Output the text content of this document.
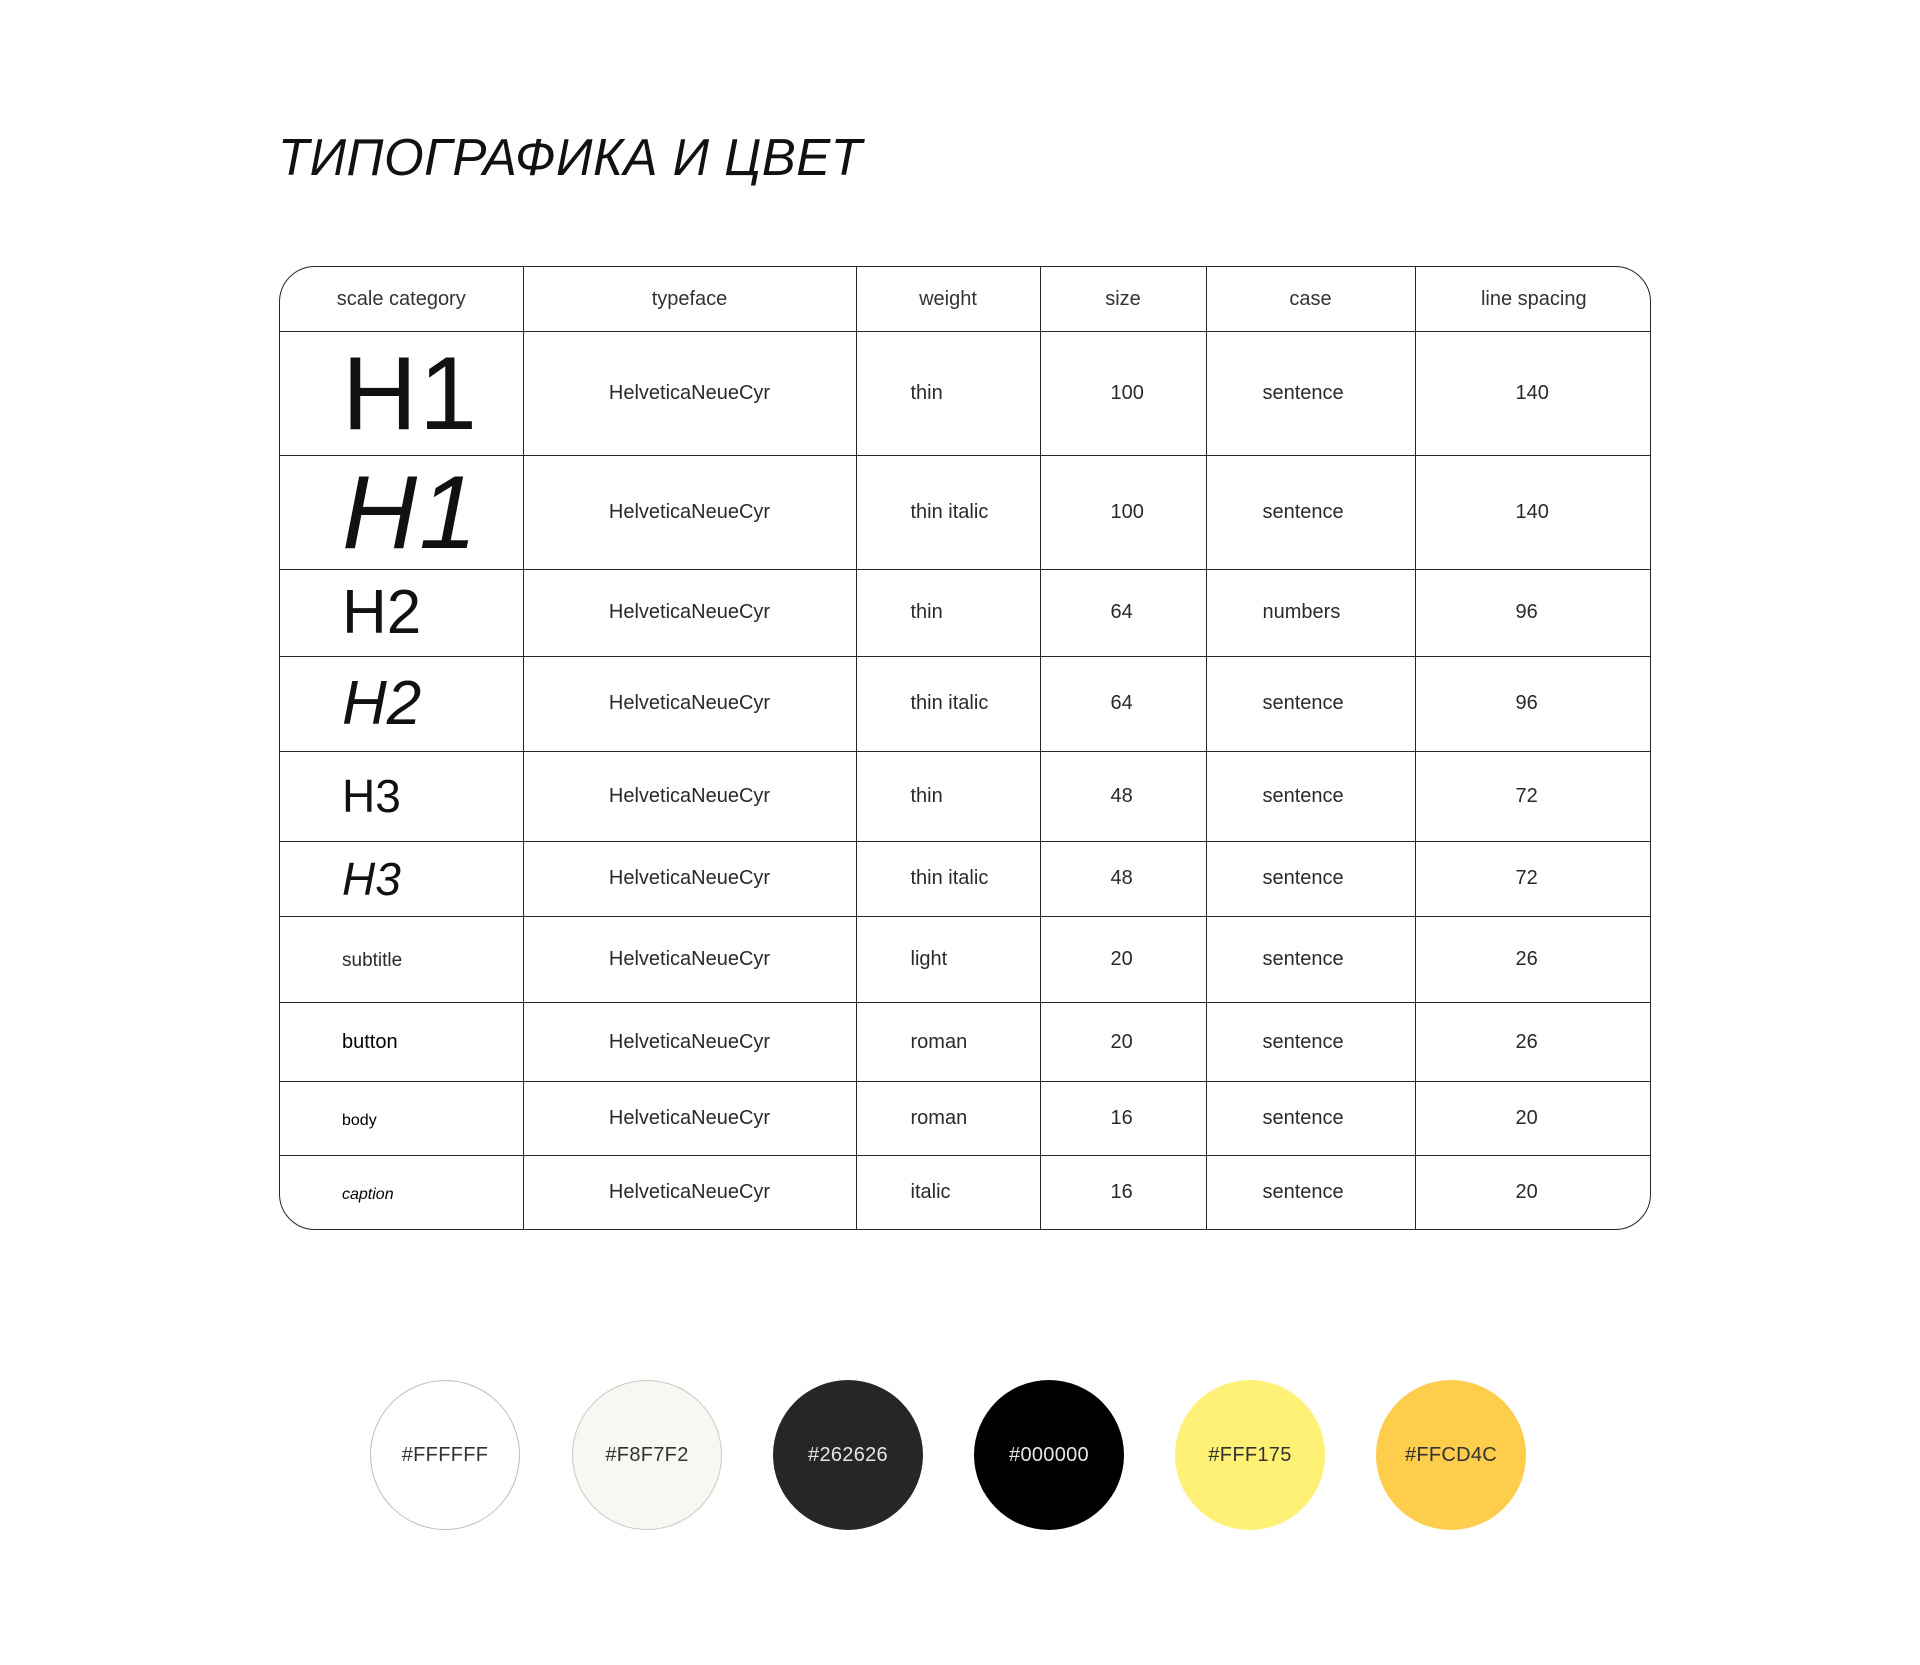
ТИПОГРАФИКА И ЦВЕТ
scale category	typeface	weight	size	case	line spacing
H1	HelveticaNeueCyr	thin	100	sentence	140
H1	HelveticaNeueCyr	thin italic	100	sentence	140
H2	HelveticaNeueCyr	thin	64	numbers	96
H2	HelveticaNeueCyr	thin italic	64	sentence	96
H3	HelveticaNeueCyr	thin	48	sentence	72
H3	HelveticaNeueCyr	thin italic	48	sentence	72
subtitle	HelveticaNeueCyr	light	20	sentence	26
button	HelveticaNeueCyr	roman	20	sentence	26
body	HelveticaNeueCyr	roman	16	sentence	20
caption	HelveticaNeueCyr	italic	16	sentence	20
#FFFFFF	#F8F7F2	#262626	#000000	#FFF175	#FFCD4C
